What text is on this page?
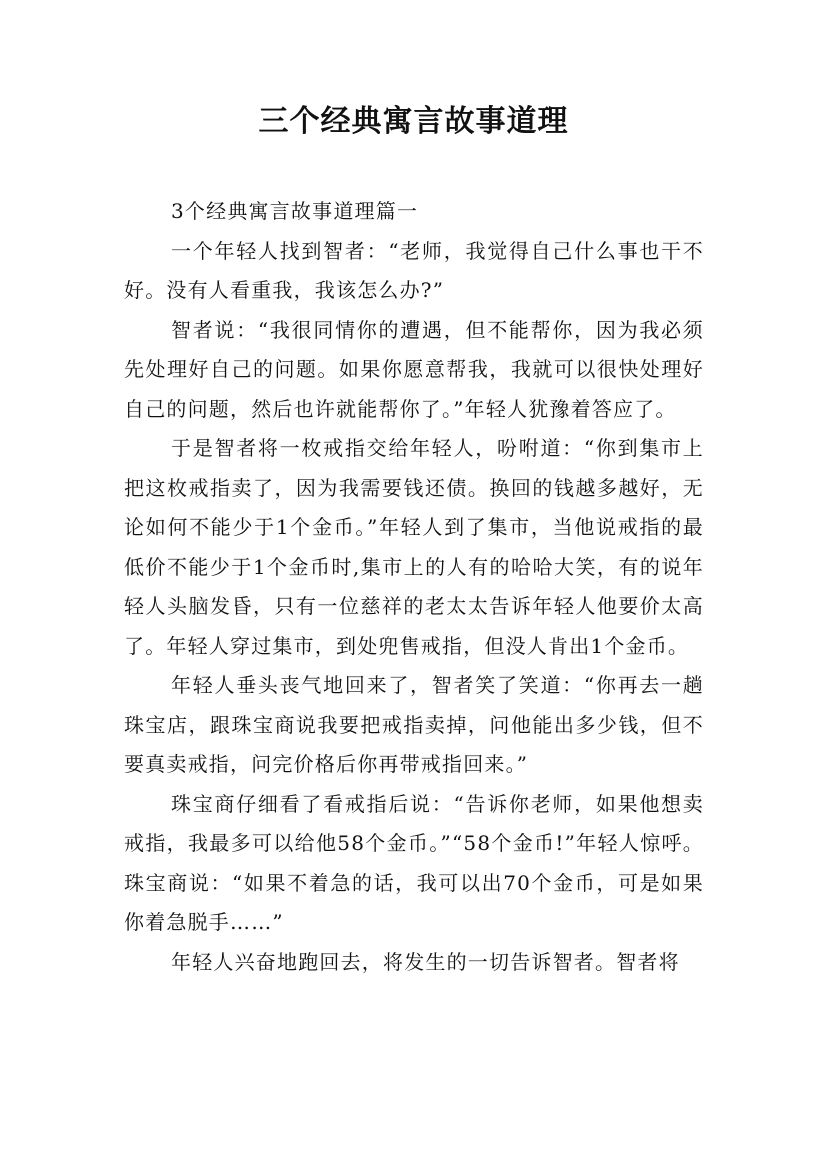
三个经典寓言故事道理

3个经典寓言故事道理篇一

一个年轻人找到智者：“老师，我觉得自己什么事也干不好。没有人看重我，我该怎么办?”

智者说：“我很同情你的遭遇，但不能帮你，因为我必须先处理好自己的问题。如果你愿意帮我，我就可以很快处理好自己的问题，然后也许就能帮你了。”年轻人犹豫着答应了。

于是智者将一枚戒指交给年轻人，吩咐道：“你到集市上把这枚戒指卖了，因为我需要钱还债。换回的钱越多越好，无论如何不能少于1个金币。”年轻人到了集市，当他说戒指的最低价不能少于1个金币时,集市上的人有的哈哈大笑，有的说年轻人头脑发昏，只有一位慈祥的老太太告诉年轻人他要价太高了。年轻人穿过集市，到处兜售戒指，但没人肯出1个金币。

年轻人垂头丧气地回来了，智者笑了笑道：“你再去一趟珠宝店，跟珠宝商说我要把戒指卖掉，问他能出多少钱，但不要真卖戒指，问完价格后你再带戒指回来。”

珠宝商仔细看了看戒指后说：“告诉你老师，如果他想卖戒指，我最多可以给他58个金币。”“58个金币!”年轻人惊呼。珠宝商说：“如果不着急的话，我可以出70个金币，可是如果你着急脱手……”

年轻人兴奋地跑回去，将发生的一切告诉智者。智者将
